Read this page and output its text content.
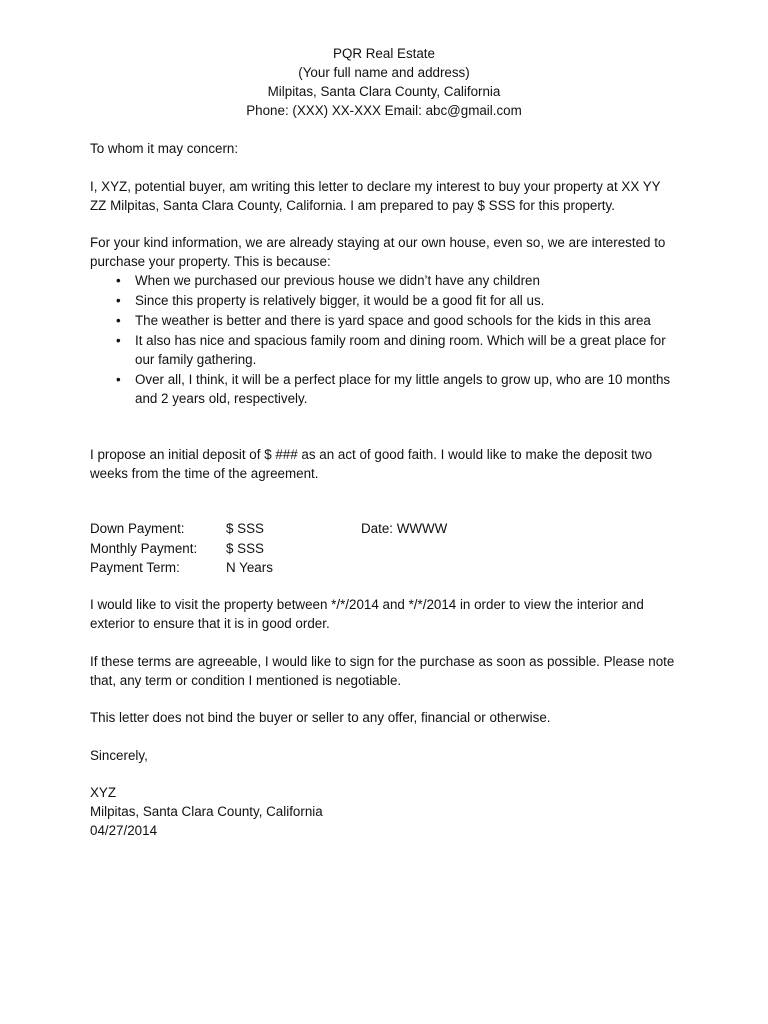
PQR Real Estate
(Your full name and address)
Milpitas, Santa Clara County, California
Phone: (XXX) XX-XXX Email: abc@gmail.com

To whom it may concern:

I, XYZ, potential buyer, am writing this letter to declare my interest to buy your property at XX YY ZZ Milpitas, Santa Clara County, California. I am prepared to pay $ SSS for this property.

For your kind information, we are already staying at our own house, even so, we are interested to purchase your property. This is because:

• When we purchased our previous house we didn’t have any children
• Since this property is relatively bigger, it would be a good fit for all us.
• The weather is better and there is yard space and good schools for the kids in this area
• It also has nice and spacious family room and dining room. Which will be a great place for our family gathering.
• Over all, I think, it will be a perfect place for my little angels to grow up, who are 10 months and 2 years old, respectively.

I propose an initial deposit of $ ### as an act of good faith. I would like to make the deposit two weeks from the time of the agreement.

Down Payment:	$ SSS	Date: WWWW
Monthly Payment: $ SSS
Payment Term:	N Years

I would like to visit the property between */*/2014 and */*/2014 in order to view the interior and exterior to ensure that it is in good order.

If these terms are agreeable, I would like to sign for the purchase as soon as possible. Please note that, any term or condition I mentioned is negotiable.

This letter does not bind the buyer or seller to any offer, financial or otherwise.

Sincerely,

XYZ
Milpitas, Santa Clara County, California
04/27/2014
